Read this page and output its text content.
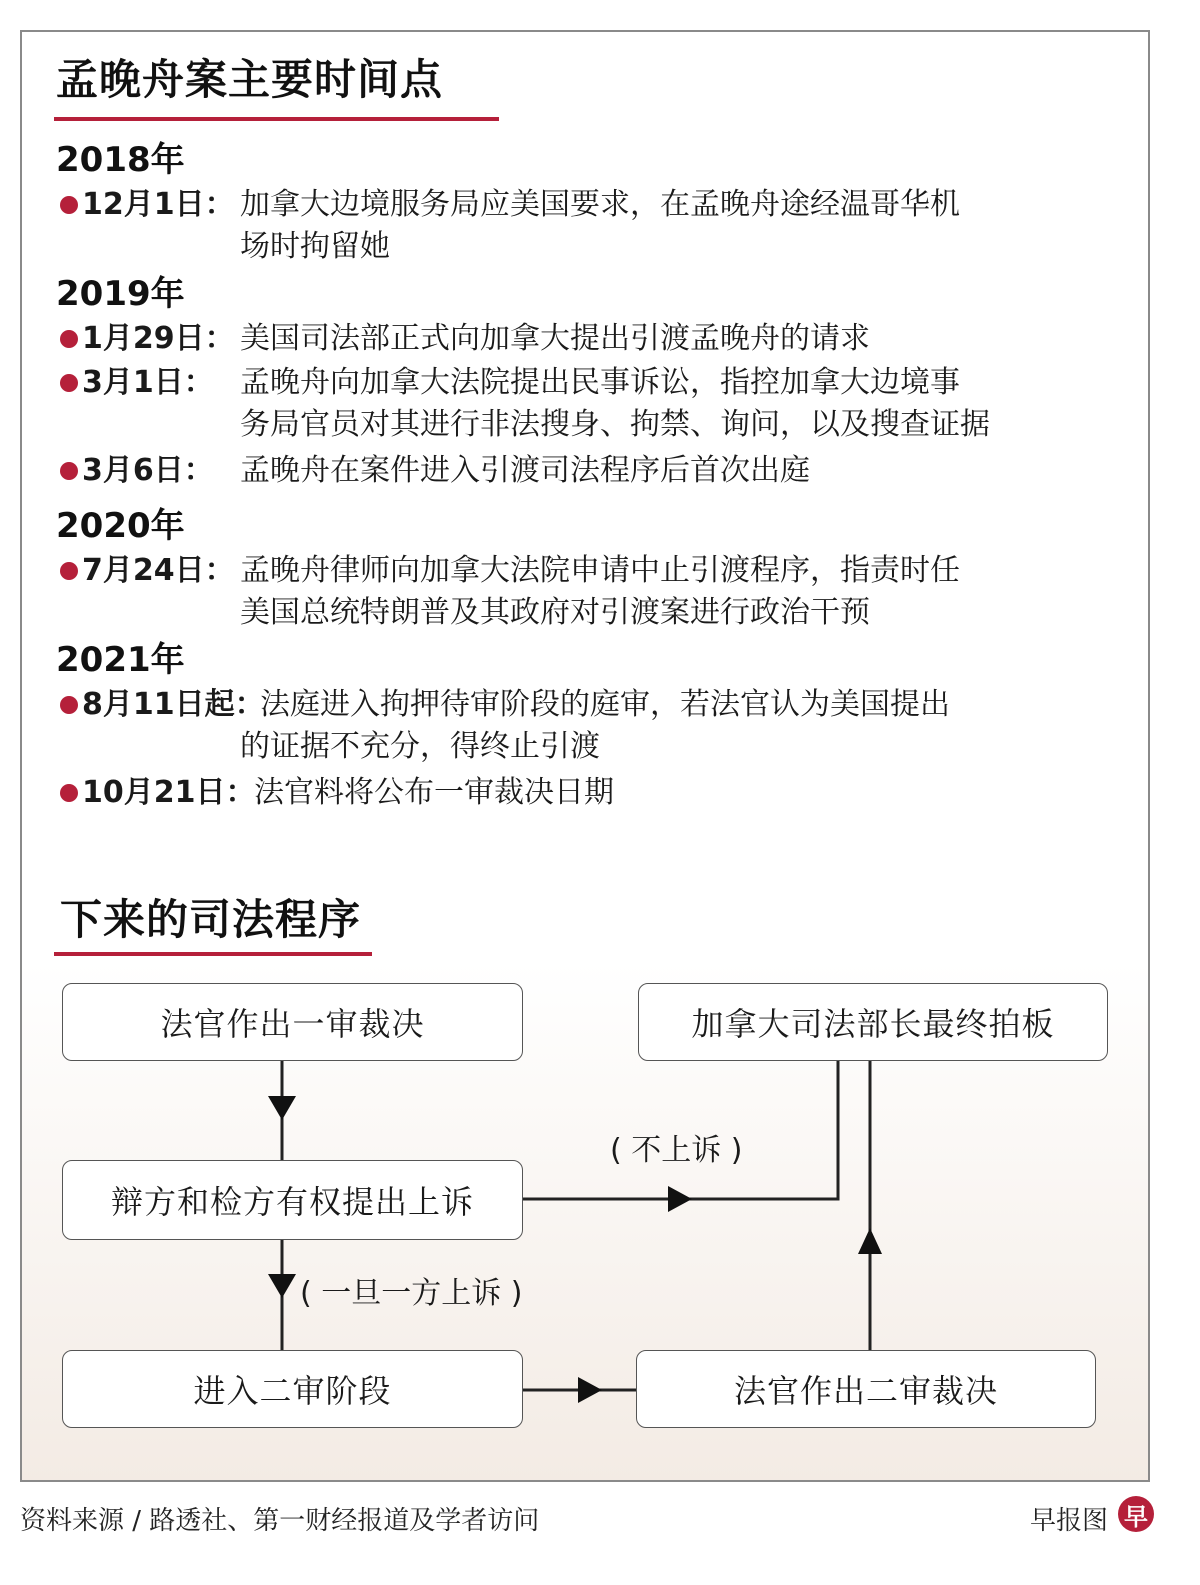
孟晚舟案主要时间点
2018年
12月1日： 加拿大边境服务局应美国要求，在孟晚舟途经温哥华机
场时拘留她
2019年
1月29日： 美国司法部正式向加拿大提出引渡孟晚舟的请求
3月1日： 孟晚舟向加拿大法院提出民事诉讼，指控加拿大边境事
务局官员对其进行非法搜身、拘禁、询问，以及搜查证据
3月6日： 孟晚舟在案件进入引渡司法程序后首次出庭
2020年
7月24日： 孟晚舟律师向加拿大法院申请中止引渡程序，指责时任
美国总统特朗普及其政府对引渡案进行政治干预
2021年
8月11日起：
法庭进入拘押待审阶段的庭审，若法官认为美国提出
的证据不充分，得终止引渡
10月21日：
法官料将公布一审裁决日期
下来的司法程序
法官作出一审裁决	加拿大司法部长最终拍板
辩方和检方有权提出上诉
进入二审阶段	法官作出二审裁决
( 不上诉 )
( 一旦一方上诉 )
资料来源 / 路透社、第一财经报道及学者访问	早报图 早
